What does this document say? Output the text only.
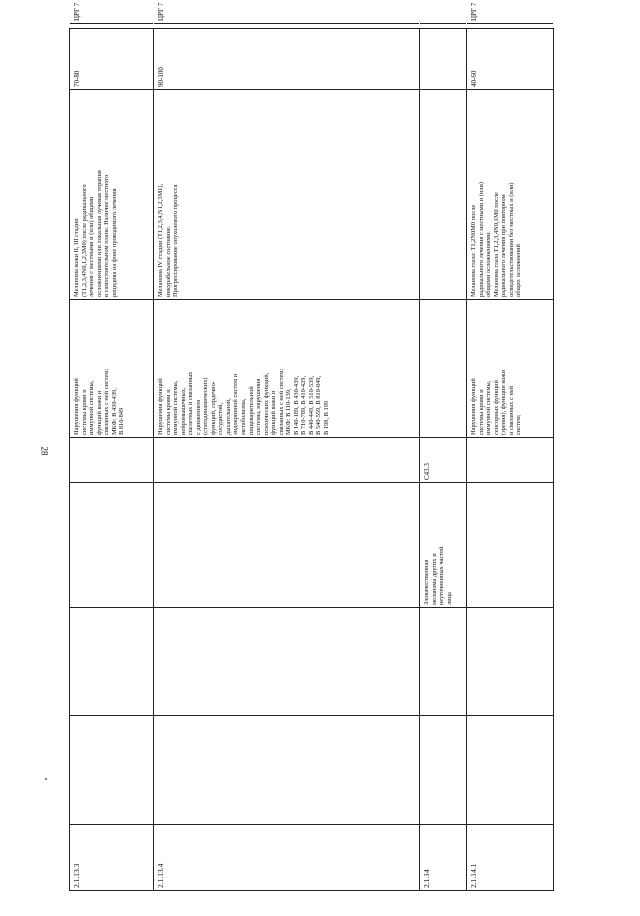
28
2.1.13.3
Нарушения функций системы крови и иммунной системы, функций кожи и связанных с ней систем; МКФ: B 430-439, B 810-849
Меланома кожи II, III стадии (T1,2,3,4N0,1,2,3M0) после радикального лечения с местными и (или) общими осложнениями или локальная лучевая терапия в самостоятельном плане. Наличие местного рецидива на фоне проводимого лечения
70-80
ЦРГ 7
2.1.13.4
Нарушения функций системы крови и иммунной системы, нейромышечных, скелетных и связанных с движением (статодинамических) функций, сердечно- сосудистой, дыхательной, эндокринной систем и метаболизма, пищеварительной системы, нарушения психических функций, функций кожи и связанных с ней систем; МКФ: B 110-139, B 140-189, B 430-439, B 710-789, B 410-429, B 440-449, B 510-539, B 540-559, B 810-849, B 198, B 199
Меланома IV стадии (T1,2,3,4,N1,2,3M1), инкурабельное состояние. Прогрессирование опухолевого процесса
90-100
ЦРГ 7
2.1.14
Злокачественная меланома других и неуточненных частей лица
C43.3
2.1.14.1
Нарушения функций системы крови и иммунной системы, сенсорных функций (зрения), функции кожи и связанных с ней систем;
Меланома глаза: T1,2N0M0 после радикального лечения с местными и (или) общими осложнениями. Меланома глаза T1,2,3,4N0,1M0 после радикального лечения при повторном освидетельствовании без местных и (или) общих осложнений
40-60
ЦРГ 7
